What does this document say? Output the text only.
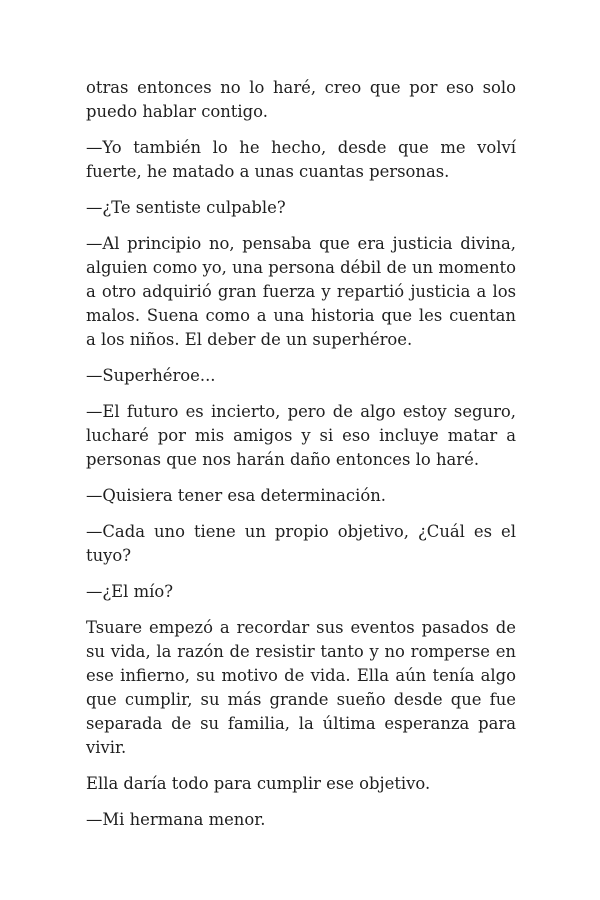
otras entonces no lo haré, creo que por eso solo puedo hablar contigo.

—Yo también lo he hecho, desde que me volví fuerte, he matado a unas cuantas personas.

—¿Te sentiste culpable?

—Al principio no, pensaba que era justicia divina, alguien como yo, una persona débil de un momento a otro adquirió gran fuerza y repartió justicia a los malos. Suena como a una historia que les cuentan a los niños. El deber de un superhéroe.

—Superhéroe...

—El futuro es incierto, pero de algo estoy seguro, lucharé por mis amigos y si eso incluye matar a personas que nos harán daño entonces lo haré.

—Quisiera tener esa determinación.

—Cada uno tiene un propio objetivo, ¿Cuál es el tuyo?

—¿El mío?

Tsuare empezó a recordar sus eventos pasados de su vida, la razón de resistir tanto y no romperse en ese infierno, su motivo de vida. Ella aún tenía algo que cumplir, su más grande sueño desde que fue separada de su familia, la última esperanza para vivir.

Ella daría todo para cumplir ese objetivo.

—Mi hermana menor.
